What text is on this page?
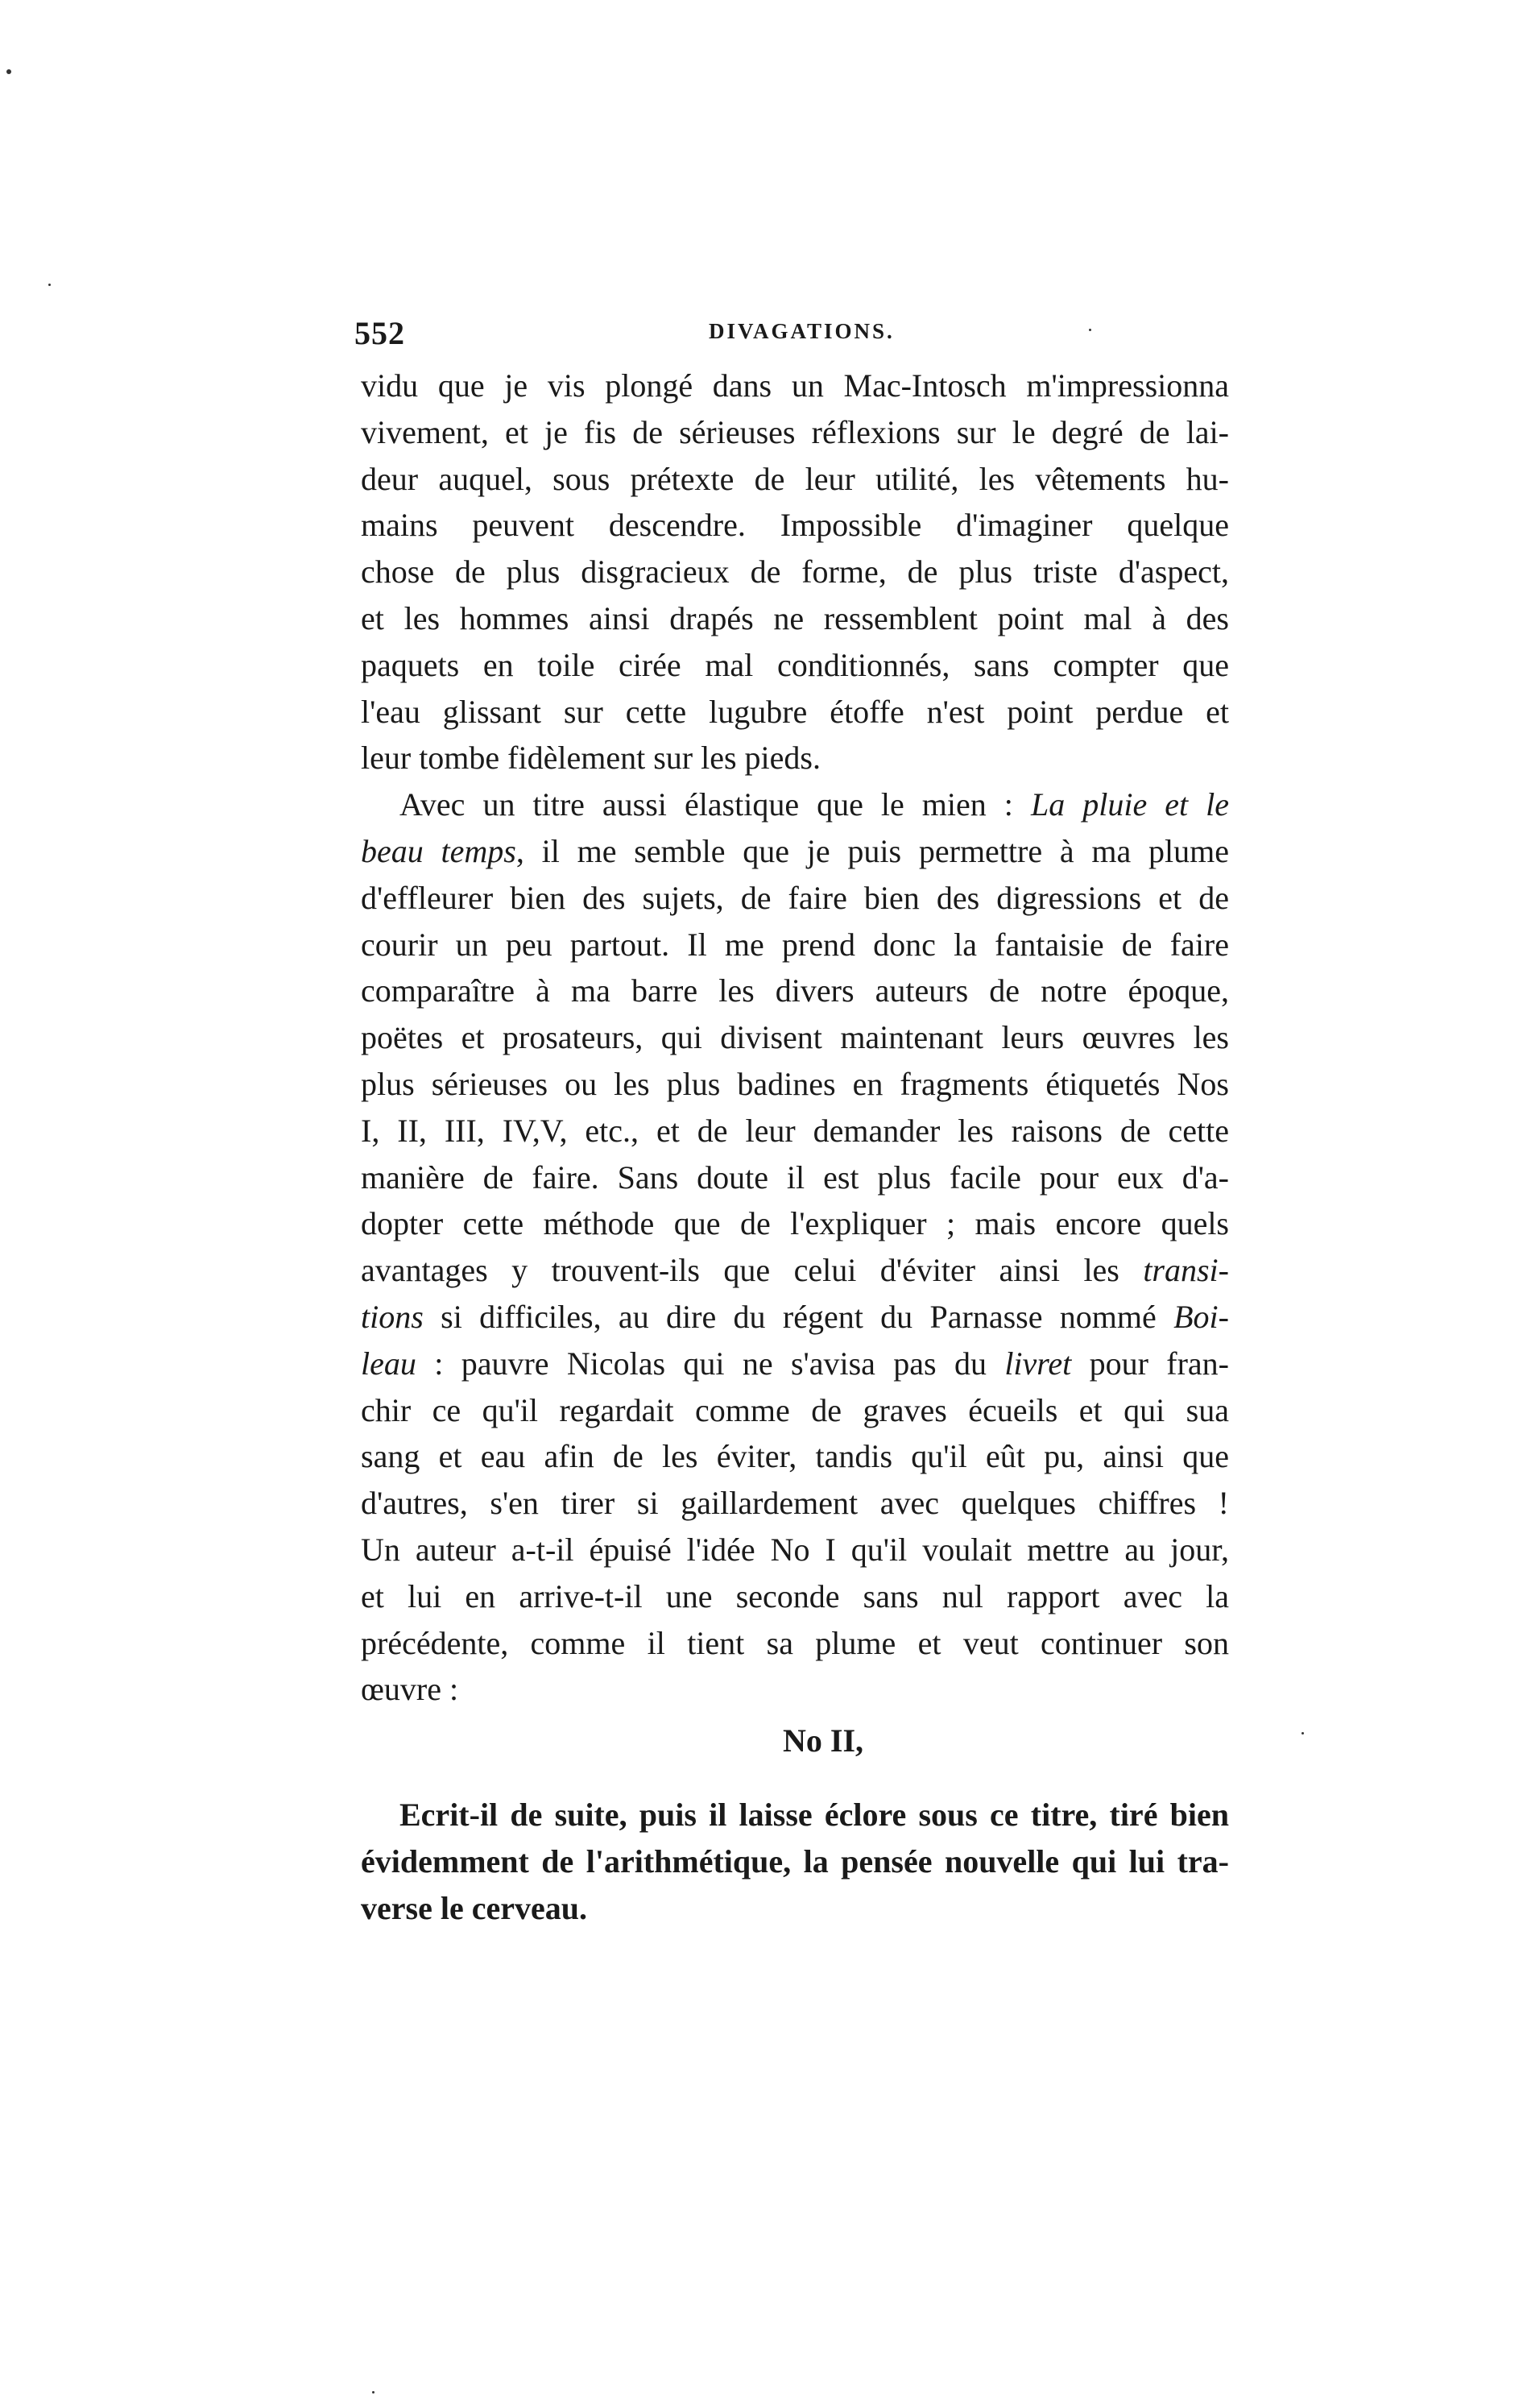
552	DIVAGATIONS.
vidu que je vis plongé dans un Mac-Intosch m'impressionna
vivement, et je fis de sérieuses réflexions sur le degré de lai-
deur auquel, sous prétexte de leur utilité, les vêtements hu-
mains peuvent descendre. Impossible d'imaginer quelque
chose de plus disgracieux de forme, de plus triste d'aspect,
et les hommes ainsi drapés ne ressemblent point mal à des
paquets en toile cirée mal conditionnés, sans compter que
l'eau glissant sur cette lugubre étoffe n'est point perdue et
leur tombe fidèlement sur les pieds.
Avec un titre aussi élastique que le mien : La pluie et le
beau temps, il me semble que je puis permettre à ma plume
d'effleurer bien des sujets, de faire bien des digressions et de
courir un peu partout. Il me prend donc la fantaisie de faire
comparaître à ma barre les divers auteurs de notre époque,
poëtes et prosateurs, qui divisent maintenant leurs œuvres les
plus sérieuses ou les plus badines en fragments étiquetés Nos
I, II, III, IV,V, etc., et de leur demander les raisons de cette
manière de faire. Sans doute il est plus facile pour eux d'a-
dopter cette méthode que de l'expliquer ; mais encore quels
avantages y trouvent-ils que celui d'éviter ainsi les transi-
tions si difficiles, au dire du régent du Parnasse nommé Boi-
leau : pauvre Nicolas qui ne s'avisa pas du livret pour fran-
chir ce qu'il regardait comme de graves écueils et qui sua
sang et eau afin de les éviter, tandis qu'il eût pu, ainsi que
d'autres, s'en tirer si gaillardement avec quelques chiffres !
Un auteur a-t-il épuisé l'idée No I qu'il voulait mettre au jour,
et lui en arrive-t-il une seconde sans nul rapport avec la
précédente, comme il tient sa plume et veut continuer son
œuvre :
No II,
Ecrit-il de suite, puis il laisse éclore sous ce titre, tiré bien
évidemment de l'arithmétique, la pensée nouvelle qui lui tra-
verse le cerveau.
